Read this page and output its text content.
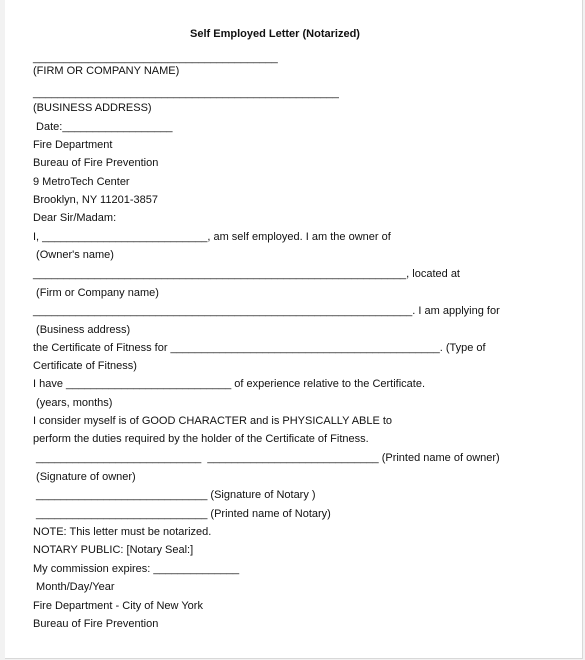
Self Employed Letter (Notarized)
________________________________________
(FIRM OR COMPANY NAME)
__________________________________________________
(BUSINESS ADDRESS)
Date:__________________
Fire Department
Bureau of Fire Prevention
9 MetroTech Center
Brooklyn, NY 11201-3857
Dear Sir/Madam:
I, ___________________________, am self employed. I am the owner of
(Owner's name)
_____________________________________________________________, located at
(Firm or Company name)
______________________________________________________________. I am applying for
(Business address)
the Certificate of Fitness for ____________________________________________. (Type of
Certificate of Fitness)
I have ___________________________ of experience relative to the Certificate.
(years, months)
I consider myself is of GOOD CHARACTER and is PHYSICALLY ABLE to
perform the duties required by the holder of the Certificate of Fitness.
___________________________  ____________________________ (Printed name of owner)
(Signature of owner)
____________________________ (Signature of Notary )
____________________________ (Printed name of Notary)
NOTE: This letter must be notarized.
NOTARY PUBLIC: [Notary Seal:]
My commission expires: ______________
Month/Day/Year
Fire Department - City of New York
Bureau of Fire Prevention
